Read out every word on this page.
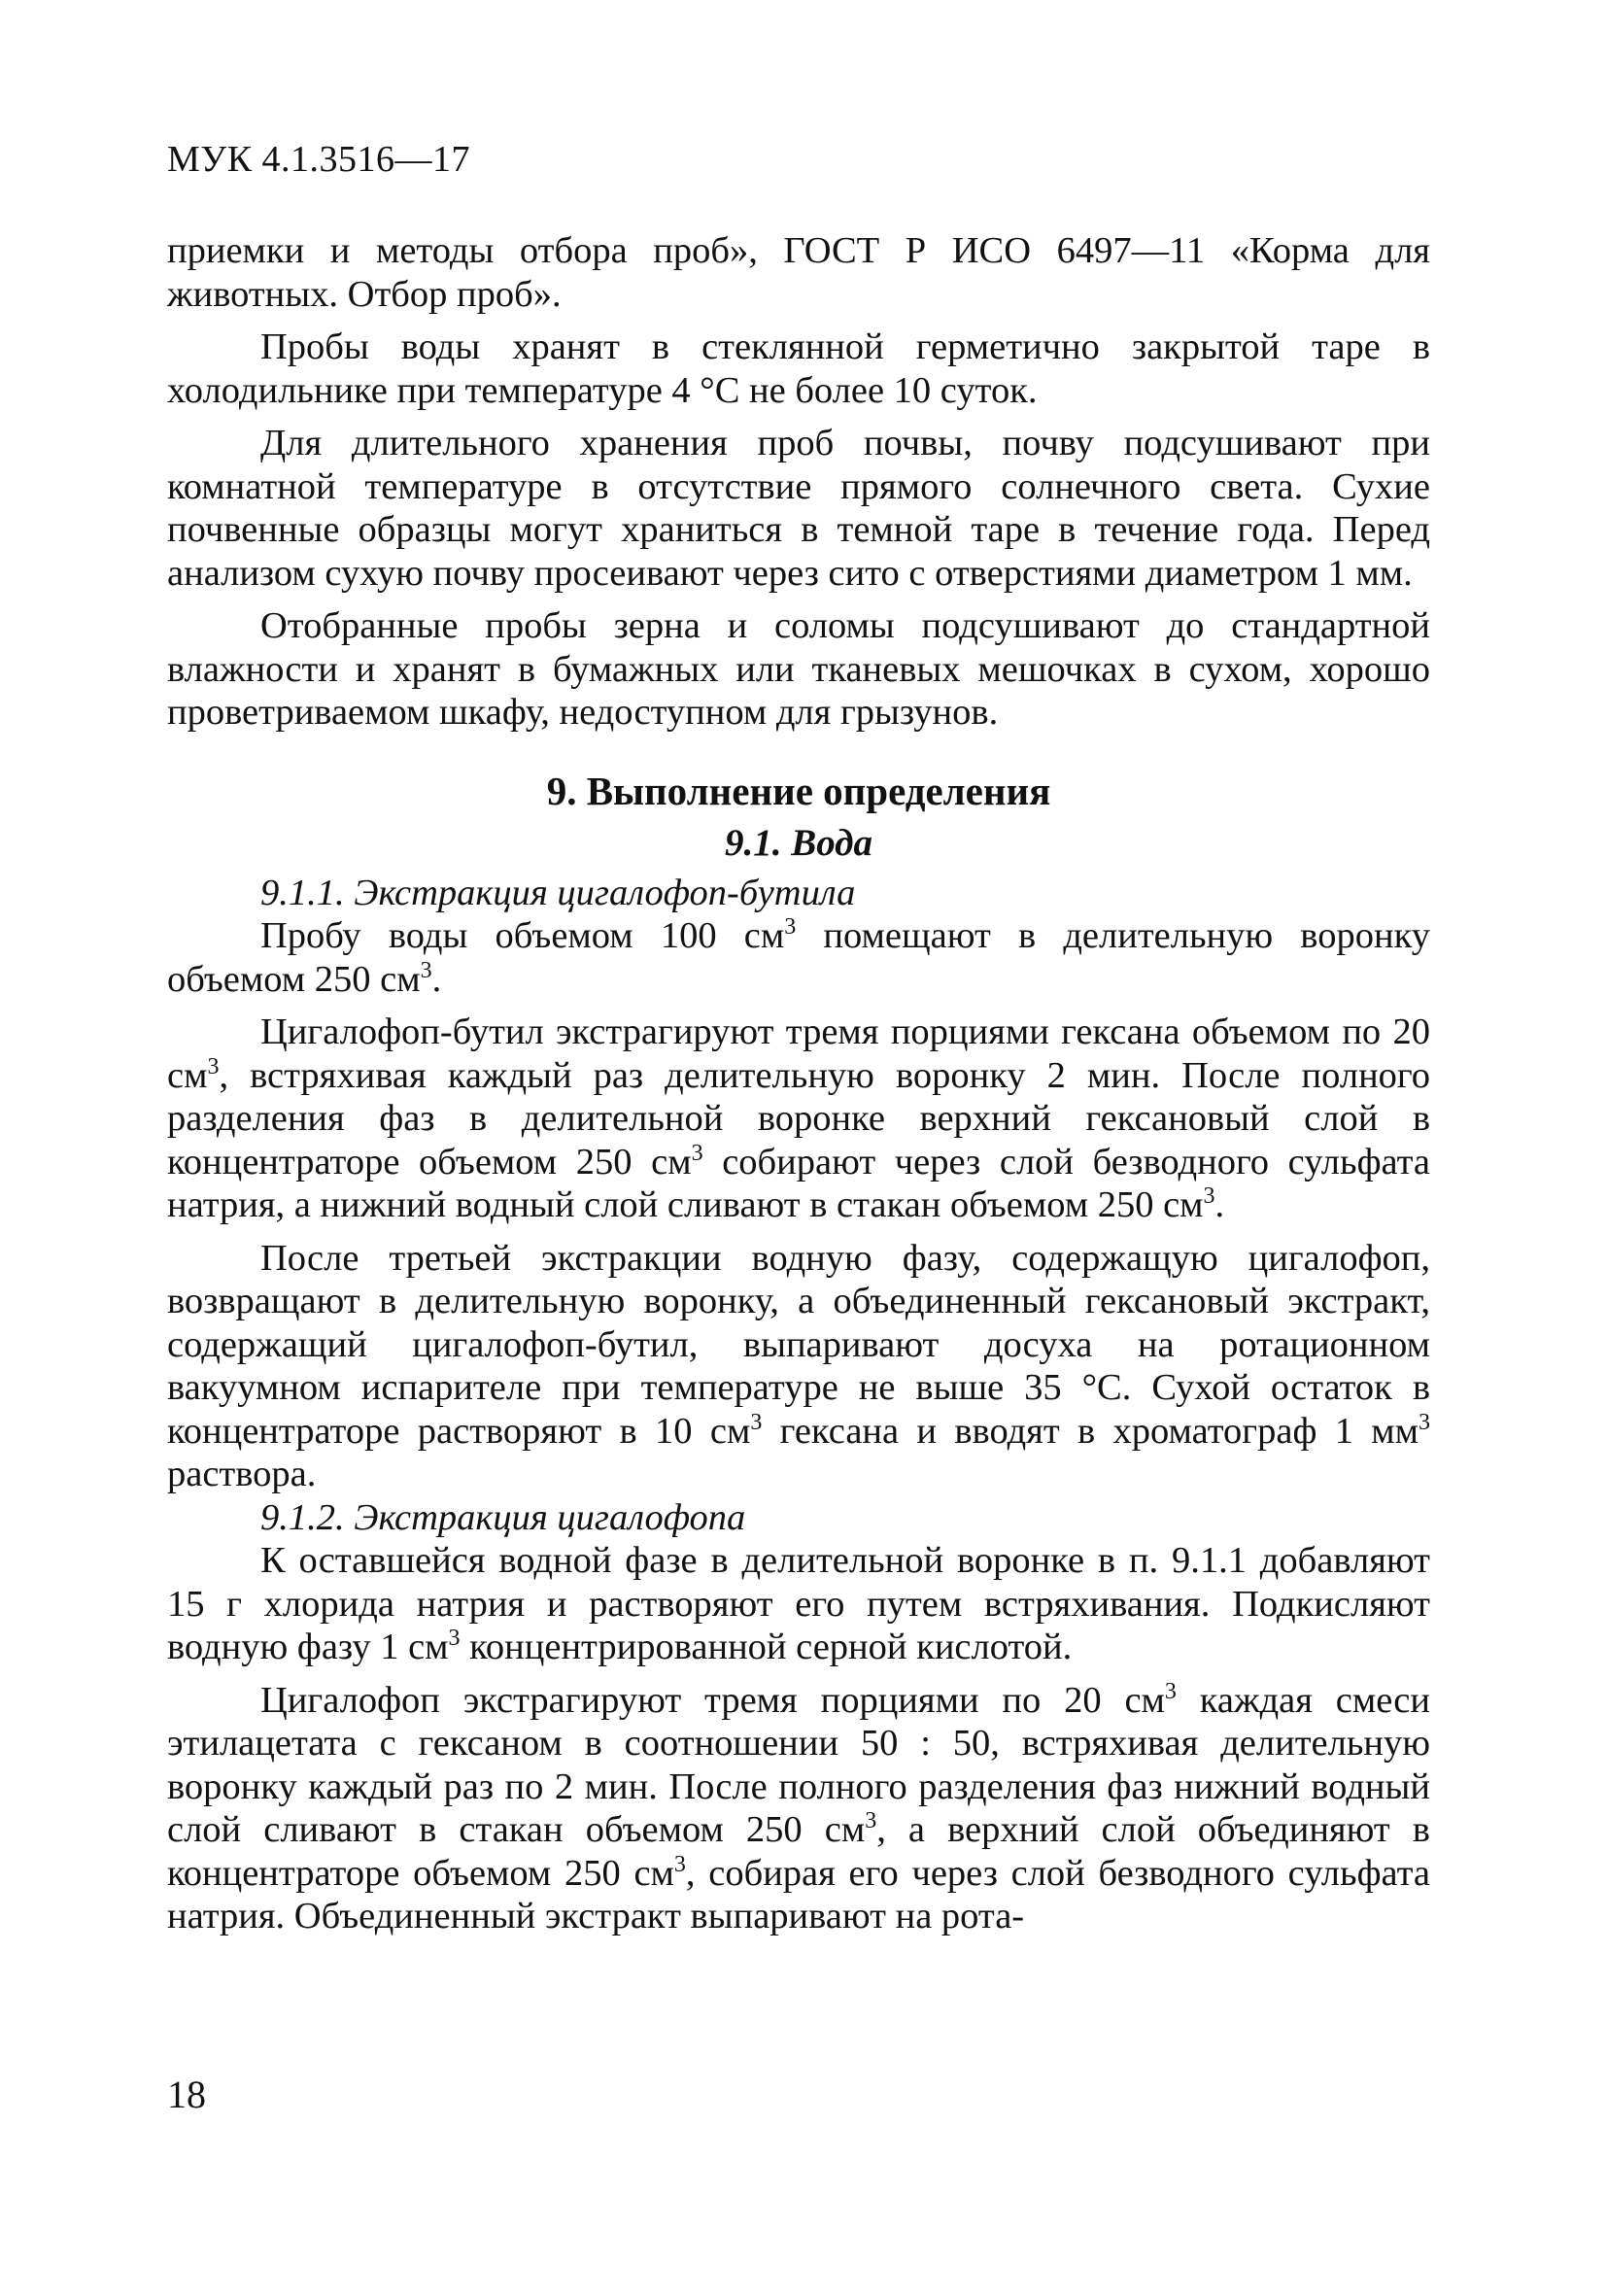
МУК 4.1.3516—17

приемки и методы отбора проб», ГОСТ Р ИСО 6497—11 «Корма для животных. Отбор проб».

Пробы воды хранят в стеклянной герметично закрытой таре в холодильнике при температуре 4 °С не более 10 суток.

Для длительного хранения проб почвы, почву подсушивают при комнатной температуре в отсутствие прямого солнечного света. Сухие почвенные образцы могут храниться в темной таре в течение года. Перед анализом сухую почву просеивают через сито с отверстиями диаметром 1 мм.

Отобранные пробы зерна и соломы подсушивают до стандартной влажности и хранят в бумажных или тканевых мешочках в сухом, хорошо проветриваемом шкафу, недоступном для грызунов.

9. Выполнение определения

9.1. Вода

9.1.1. Экстракция цигалофоп-бутила

Пробу воды объемом 100 $см^3$ помещают в делительную воронку объемом 250 $см^3$.

Цигалофоп-бутил экстрагируют тремя порциями гексана объемом по 20 $см^3$, встряхивая каждый раз делительную воронку 2 мин. После полного разделения фаз в делительной воронке верхний гексановый слой в концентраторе объемом 250 $см^3$ собирают через слой безводного сульфата натрия, а нижний водный слой сливают в стакан объемом 250 $см^3$.

После третьей экстракции водную фазу, содержащую цигалофоп, возвращают в делительную воронку, а объединенный гексановый экстракт, содержащий цигалофоп-бутил, выпаривают досуха на ротационном вакуумном испарителе при температуре не выше 35 °С. Сухой остаток в концентраторе растворяют в 10 $см^3$ гексана и вводят в хроматограф 1 $мм^3$ раствора.

9.1.2. Экстракция цигалофопа

К оставшейся водной фазе в делительной воронке в п. 9.1.1 добавляют 15 г хлорида натрия и растворяют его путем встряхивания. Подкисляют водную фазу 1 $см^3$ концентрированной серной кислотой.

Цигалофоп экстрагируют тремя порциями по 20 $см^3$ каждая смеси этилацетата с гексаном в соотношении 50 : 50, встряхивая делительную воронку каждый раз по 2 мин. После полного разделения фаз нижний водный слой сливают в стакан объемом 250 $см^3$, а верхний слой объединяют в концентраторе объемом 250 $см^3$, собирая его через слой безводного сульфата натрия. Объединенный экстракт выпаривают на рота-

18
